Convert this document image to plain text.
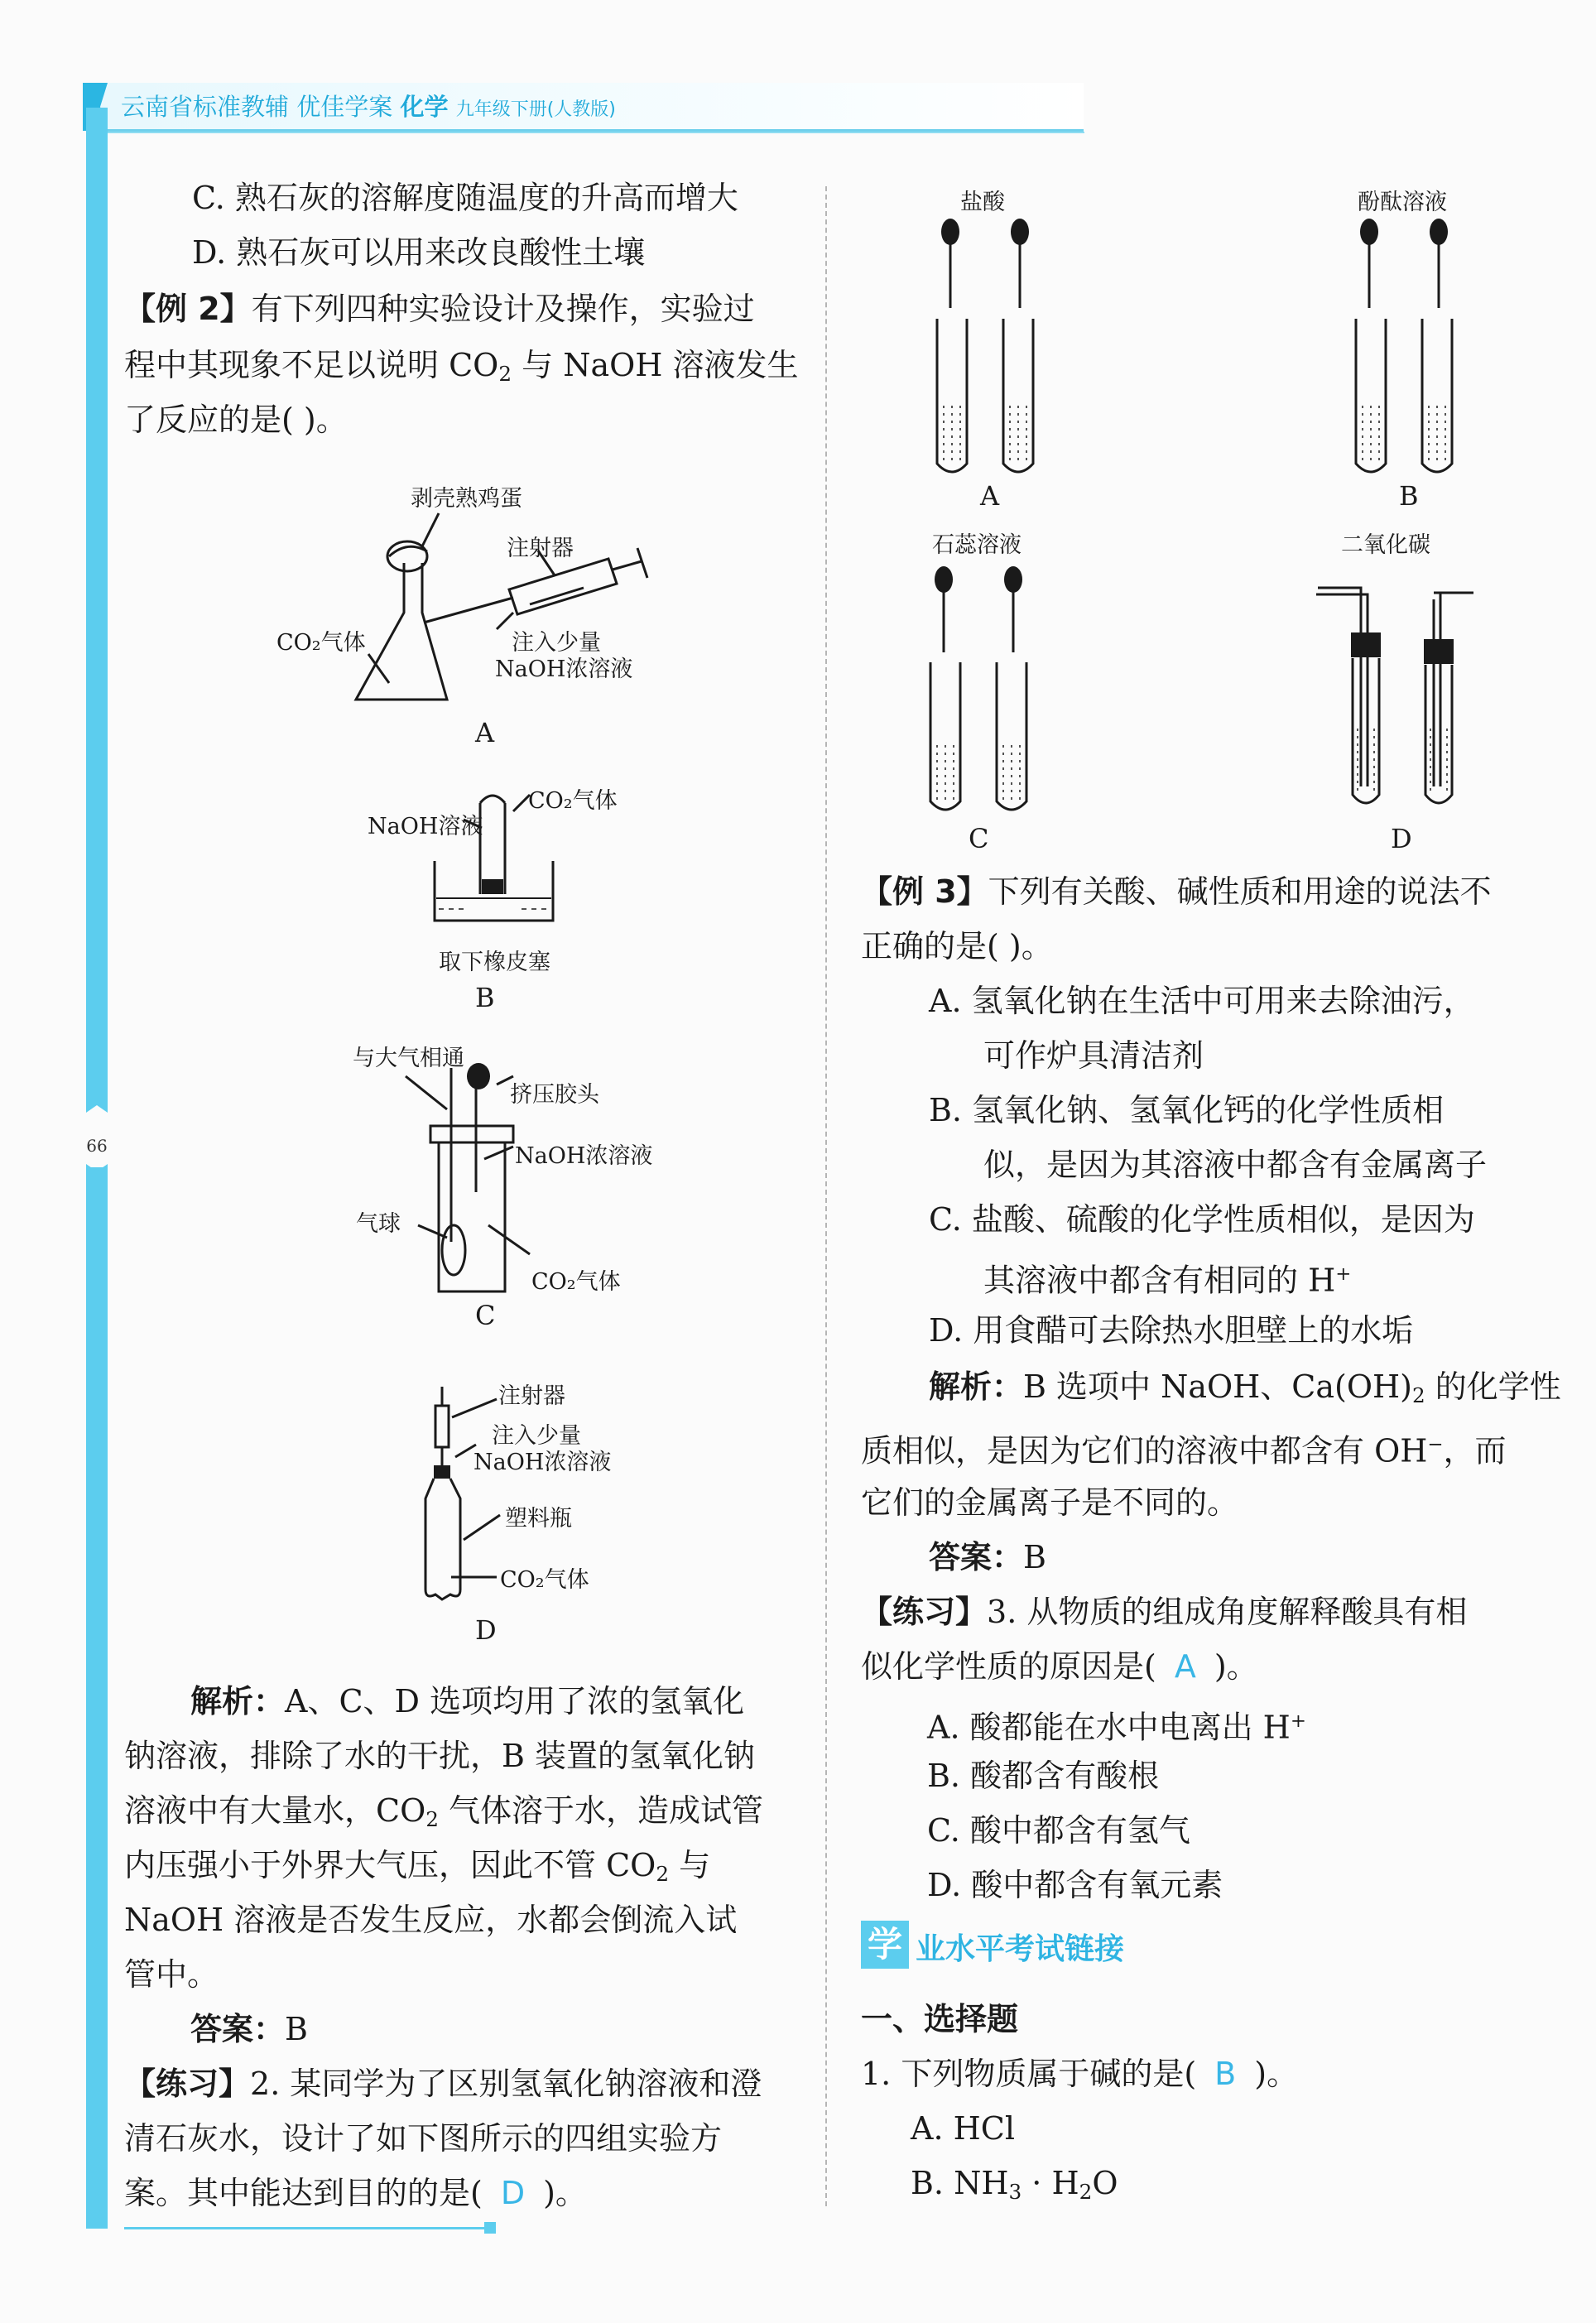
云南省标准教辅 优佳学案 化学 九年级下册(人教版)
66
C. 熟石灰的溶解度随温度的升高而增大
D. 熟石灰可以用来改良酸性土壤
【例 2】有下列四种实验设计及操作，实验过
程中其现象不足以说明 $CO_2$ 与 NaOH 溶液发生
了反应的是( )。
剥壳熟鸡蛋
注射器
CO₂气体	注入少量
NaOH浓溶液
A
CO₂气体
NaOH溶液
取下橡皮塞
B
与大气相通
挤压胶头
NaOH浓溶液
气球
CO₂气体
C
注射器
注入少量
NaOH浓溶液
塑料瓶
CO₂气体
D
解析：A、C、D 选项均用了浓的氢氧化
钠溶液，排除了水的干扰，B 装置的氢氧化钠
溶液中有大量水，$CO_2$ 气体溶于水，造成试管
内压强小于外界大气压，因此不管 $CO_2$ 与
NaOH 溶液是否发生反应，水都会倒流入试
管中。
答案：B
【练习】2. 某同学为了区别氢氧化钠溶液和澄
清石灰水，设计了如下图所示的四组实验方
案。其中能达到目的的是( D )。
盐酸	酚酞溶液
A	B
石蕊溶液	二氧化碳
C	D
【例 3】下列有关酸、碱性质和用途的说法不
正确的是( )。
A. 氢氧化钠在生活中可用来去除油污，
可作炉具清洁剂
B. 氢氧化钠、氢氧化钙的化学性质相
似，是因为其溶液中都含有金属离子
C. 盐酸、硫酸的化学性质相似，是因为
其溶液中都含有相同的 H+
D. 用食醋可去除热水胆壁上的水垢
解析：B 选项中 NaOH、$Ca(OH)_2$ 的化学性
质相似，是因为它们的溶液中都含有 OH−，而
它们的金属离子是不同的。
答案：B
【练习】3. 从物质的组成角度解释酸具有相
似化学性质的原因是( A )。
A. 酸都能在水中电离出 H+
B. 酸都含有酸根
C. 酸中都含有氢气
D. 酸中都含有氧元素
学 业水平考试链接
一、选择题
1. 下列物质属于碱的是( B )。
A. HCl
B. $NH_3 \cdot H_2O$
